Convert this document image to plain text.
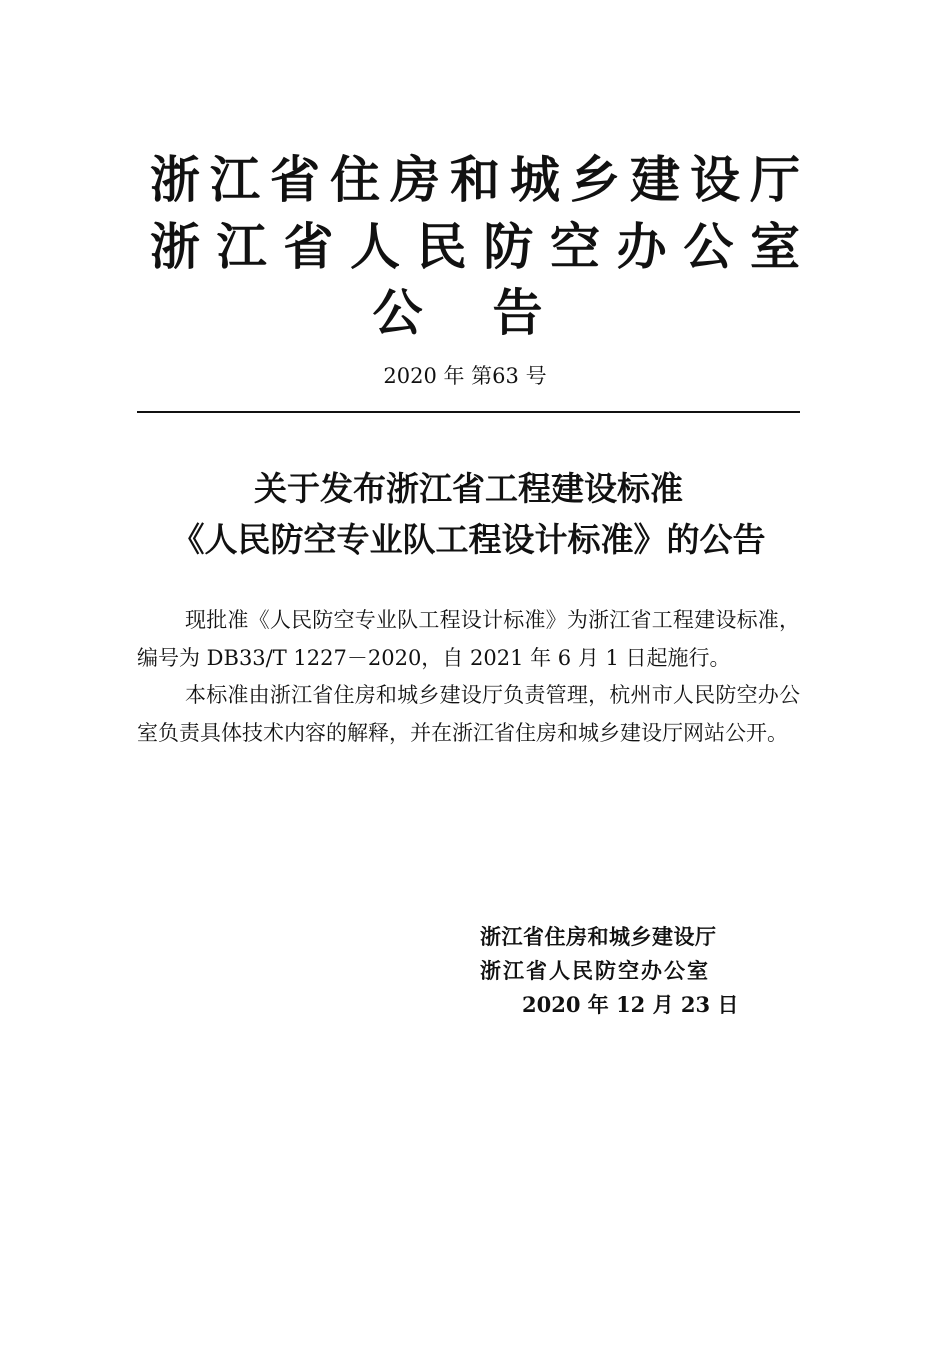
浙江省住房和城乡建设厅
浙江省人民防空办公室
公告
2020 年 第63 号
关于发布浙江省工程建设标准
《人民防空专业队工程设计标准》的公告

现批准《人民防空专业队工程设计标准》为浙江省工程建设标准，编号为 DB33/T 1227－2020，自 2021 年 6 月 1 日起施行。

本标准由浙江省住房和城乡建设厅负责管理，杭州市人民防空办公室负责具体技术内容的解释，并在浙江省住房和城乡建设厅网站公开。

浙江省住房和城乡建设厅
浙江省人民防空办公室
2020 年 12 月 23 日
